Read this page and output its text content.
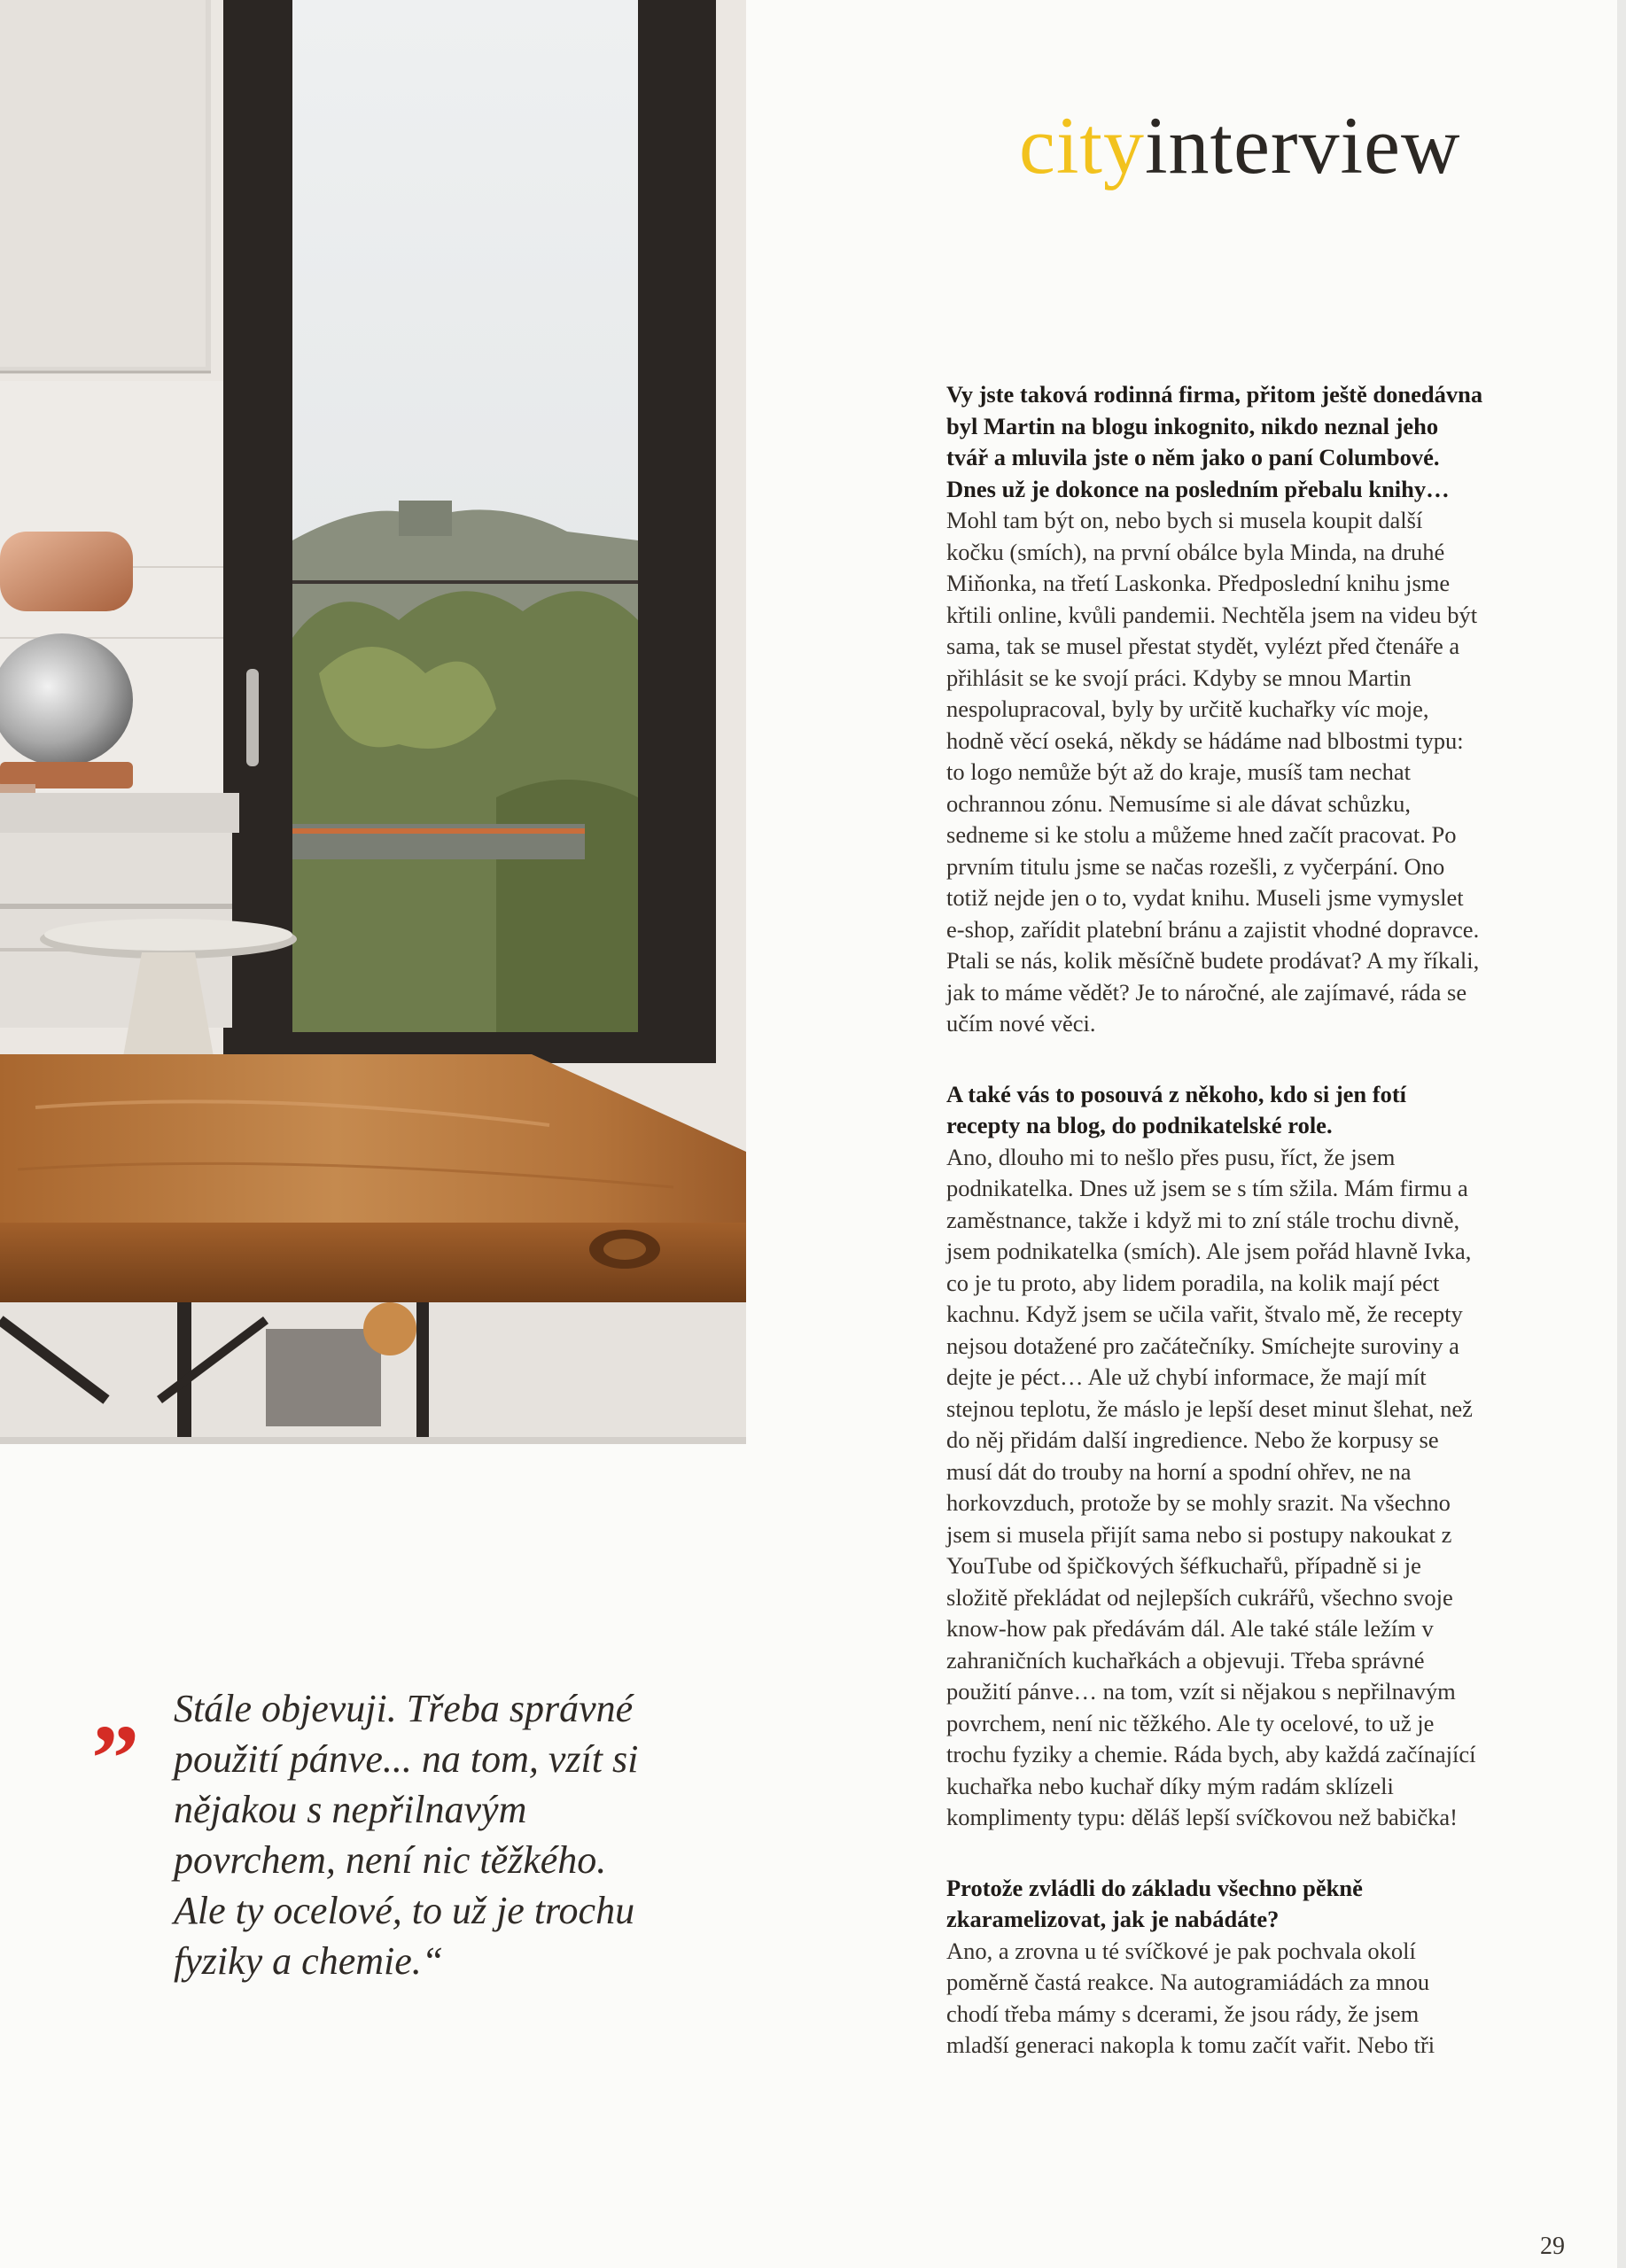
cityinterview

Vy jste taková rodinná firma, přitom ještě donedávna byl Martin na blogu inkognito, nikdo neznal jeho tvář a mluvila jste o něm jako o paní Columbové. Dnes už je dokonce na posledním přebalu knihy…

Mohl tam být on, nebo bych si musela koupit další kočku (smích), na první obálce byla Minda, na druhé Miňonka, na třetí Laskonka. Předposlední knihu jsme křtili online, kvůli pandemii. Nechtěla jsem na videu být sama, tak se musel přestat stydět, vylézt před čtenáře a přihlásit se ke svojí práci. Kdyby se mnou Martin nespolupracoval, byly by určitě kuchařky víc moje, hodně věcí oseká, někdy se hádáme nad blbostmi typu: to logo nemůže být až do kraje, musíš tam nechat ochrannou zónu. Nemusíme si ale dávat schůzku, sedneme si ke stolu a můžeme hned začít pracovat. Po prvním titulu jsme se načas rozešli, z vyčerpání. Ono totiž nejde jen o to, vydat knihu. Museli jsme vymyslet e-shop, zařídit platební bránu a zajistit vhodné dopravce. Ptali se nás, kolik měsíčně budete prodávat? A my říkali, jak to máme vědět? Je to náročné, ale zajímavé, ráda se učím nové věci.

A také vás to posouvá z někoho, kdo si jen fotí recepty na blog, do podnikatelské role.

Ano, dlouho mi to nešlo přes pusu, říct, že jsem podnikatelka. Dnes už jsem se s tím sžila. Mám firmu a zaměstnance, takže i když mi to zní stále trochu divně, jsem podnikatelka (smích). Ale jsem pořád hlavně Ivka, co je tu proto, aby lidem poradila, na kolik mají péct kachnu. Když jsem se učila vařit, štvalo mě, že recepty nejsou dotažené pro začátečníky. Smíchejte suroviny a dejte je péct… Ale už chybí informace, že mají mít stejnou teplotu, že máslo je lepší deset minut šlehat, než do něj přidám další ingredience. Nebo že korpusy se musí dát do trouby na horní a spodní ohřev, ne na horkovzduch, protože by se mohly srazit. Na všechno jsem si musela přijít sama nebo si postupy nakoukat z YouTube od špičkových šéfkuchařů, případně si je složitě překládat od nejlepších cukrářů, všechno svoje know-how pak předávám dál. Ale také stále ležím v zahraničních kuchařkách a objevuji. Třeba správné použití pánve… na tom, vzít si nějakou s nepřilnavým povrchem, není nic těžkého. Ale ty ocelové, to už je trochu fyziky a chemie. Ráda bych, aby každá začínající kuchařka nebo kuchař díky mým radám sklízeli komplimenty typu: děláš lepší svíčkovou než babička!

Protože zvládli do základu všechno pěkně zkaramelizovat, jak je nabádáte?

Ano, a zrovna u té svíčkové je pak pochvala okolí poměrně častá reakce. Na autogramiádách za mnou chodí třeba mámy s dcerami, že jsou rády, že jsem mladší generaci nakopla k tomu začít vařit. Nebo tři

„ Stále objevuji. Třeba správné použití pánve... na tom, vzít si nějakou s nepřilnavým povrchem, není nic těžkého. Ale ty ocelové, to už je trochu fyziky a chemie.“
29
